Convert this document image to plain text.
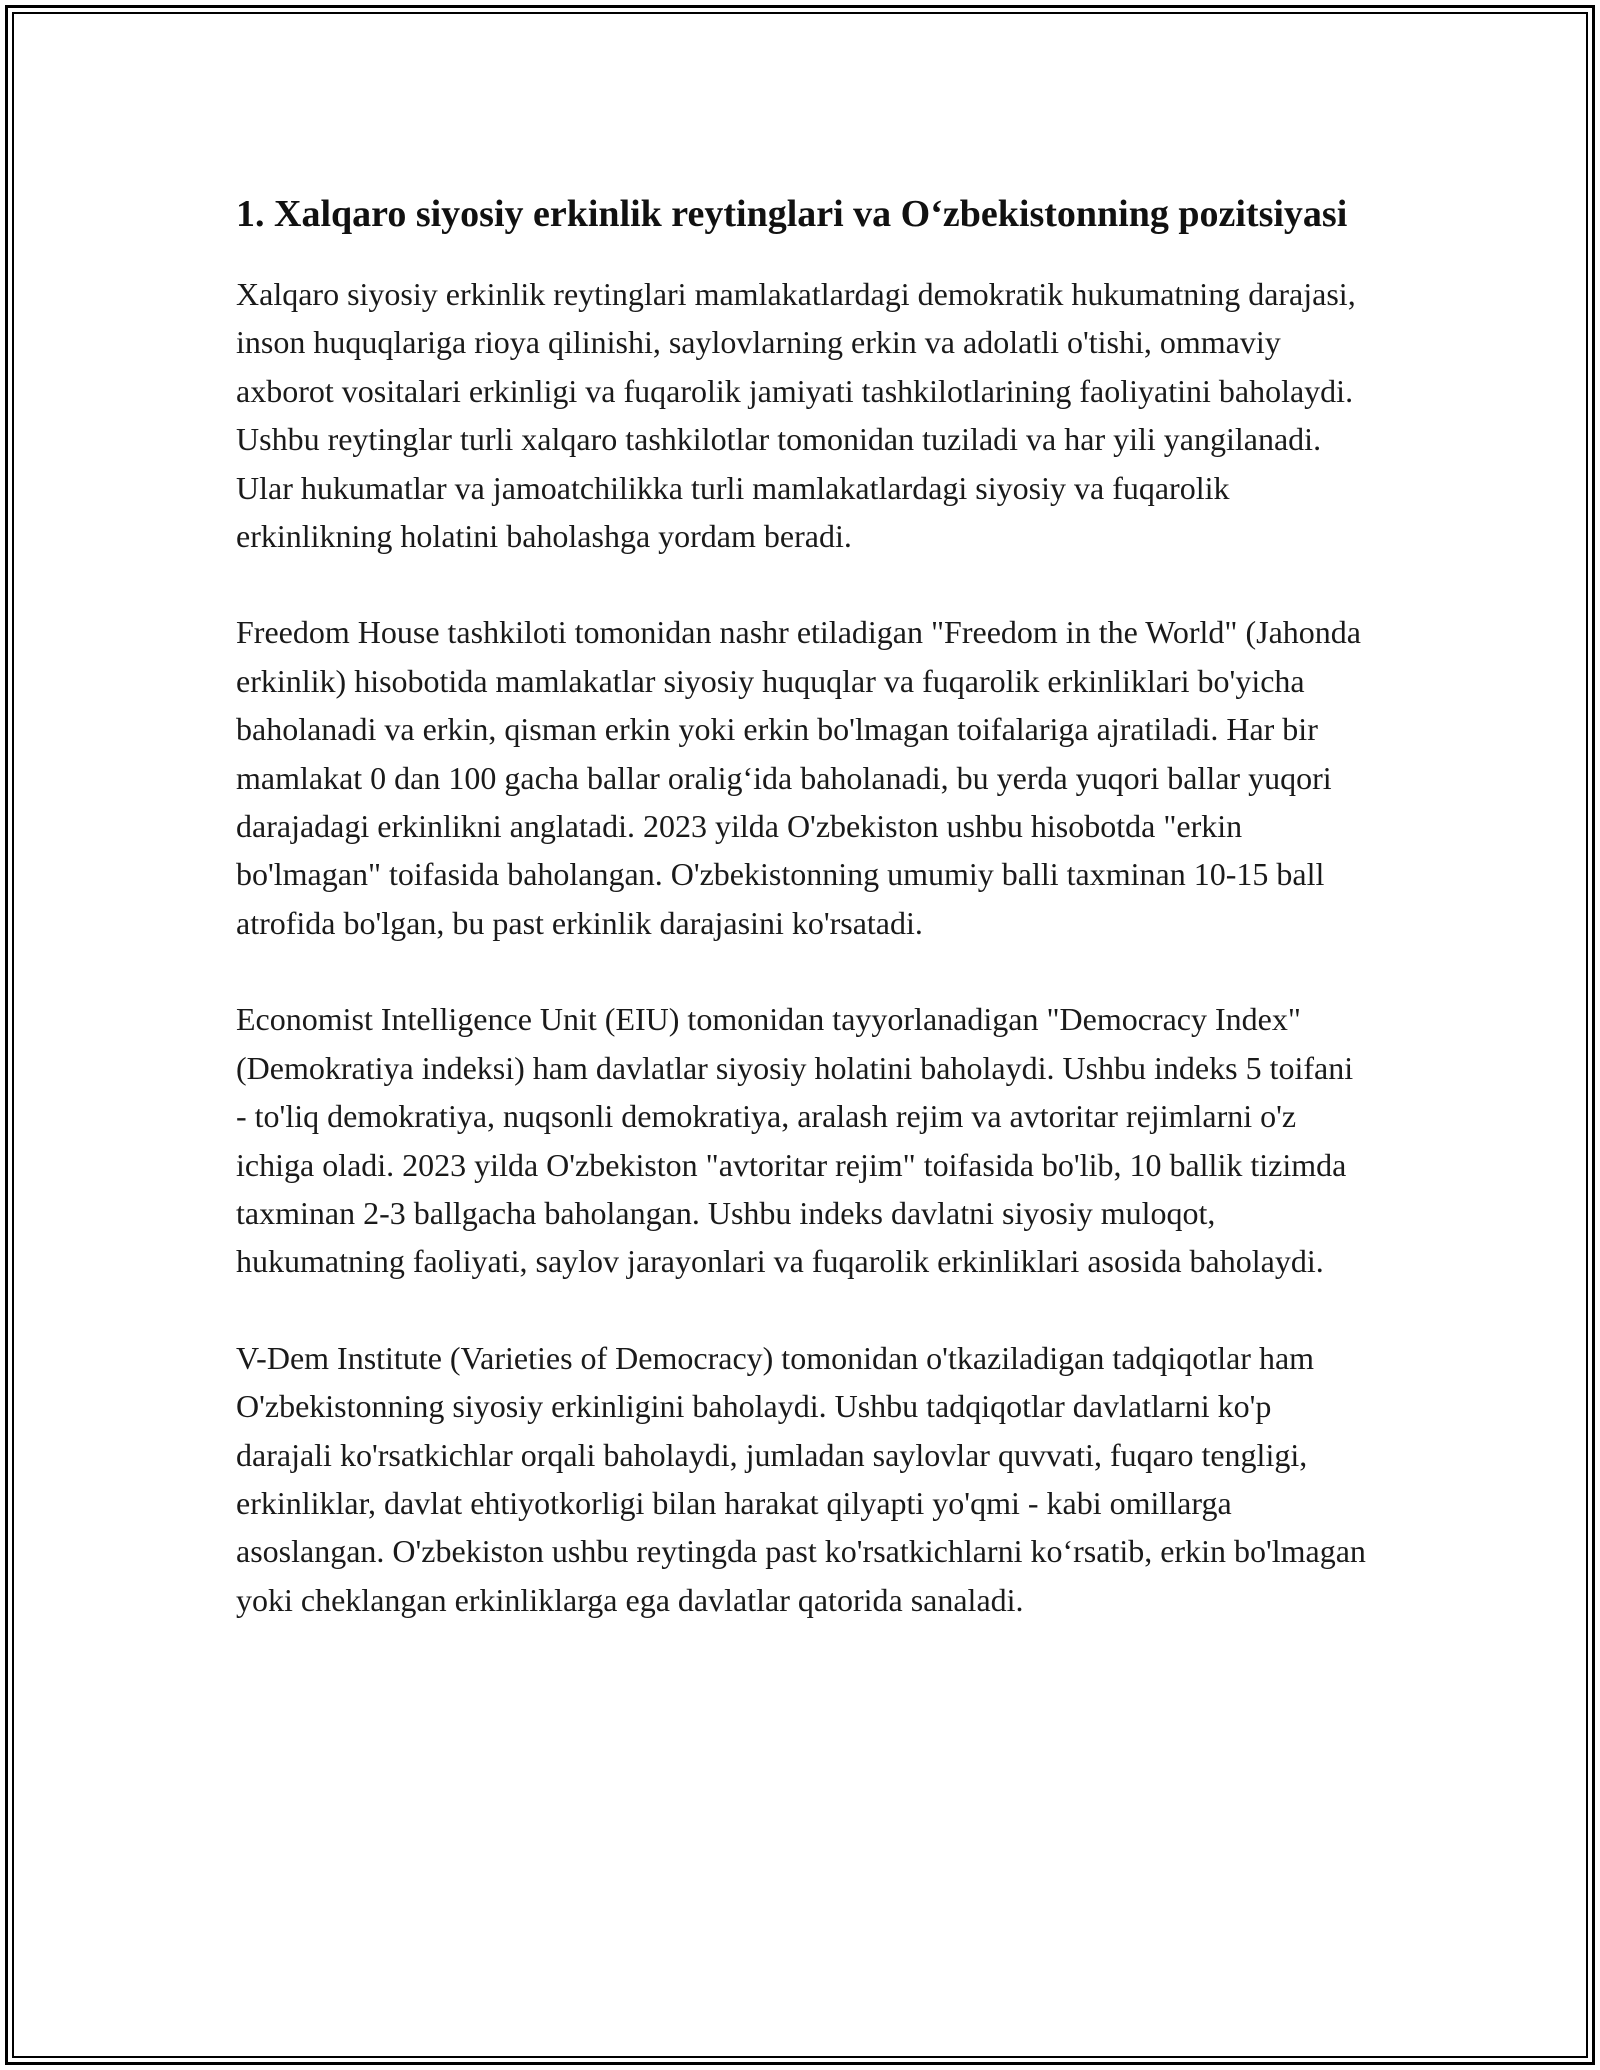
1. Xalqaro siyosiy erkinlik reytinglari va O‘zbekistonning pozitsiyasi

Xalqaro siyosiy erkinlik reytinglari mamlakatlardagi demokratik hukumatning darajasi, inson huquqlariga rioya qilinishi, saylovlarning erkin va adolatli o'tishi, ommaviy axborot vositalari erkinligi va fuqarolik jamiyati tashkilotlarining faoliyatini baholaydi. Ushbu reytinglar turli xalqaro tashkilotlar tomonidan tuziladi va har yili yangilanadi. Ular hukumatlar va jamoatchilikka turli mamlakatlardagi siyosiy va fuqarolik erkinlikning holatini baholashga yordam beradi.

Freedom House tashkiloti tomonidan nashr etiladigan "Freedom in the World" (Jahonda erkinlik) hisobotida mamlakatlar siyosiy huquqlar va fuqarolik erkinliklari bo'yicha baholanadi va erkin, qisman erkin yoki erkin bo'lmagan toifalariga ajratiladi. Har bir mamlakat 0 dan 100 gacha ballar oralig‘ida baholanadi, bu yerda yuqori ballar yuqori darajadagi erkinlikni anglatadi. 2023 yilda O'zbekiston ushbu hisobotda "erkin bo'lmagan" toifasida baholangan. O'zbekistonning umumiy balli taxminan 10-15 ball atrofida bo'lgan, bu past erkinlik darajasini ko'rsatadi.

Economist Intelligence Unit (EIU) tomonidan tayyorlanadigan "Democracy Index" (Demokratiya indeksi) ham davlatlar siyosiy holatini baholaydi. Ushbu indeks 5 toifani - to'liq demokratiya, nuqsonli demokratiya, aralash rejim va avtoritar rejimlarni o'z ichiga oladi. 2023 yilda O'zbekiston "avtoritar rejim" toifasida bo'lib, 10 ballik tizimda taxminan 2-3 ballgacha baholangan. Ushbu indeks davlatni siyosiy muloqot, hukumatning faoliyati, saylov jarayonlari va fuqarolik erkinliklari asosida baholaydi.

V-Dem Institute (Varieties of Democracy) tomonidan o'tkaziladigan tadqiqotlar ham O'zbekistonning siyosiy erkinligini baholaydi. Ushbu tadqiqotlar davlatlarni ko'p darajali ko'rsatkichlar orqali baholaydi, jumladan saylovlar quvvati, fuqaro tengligi, erkinliklar, davlat ehtiyotkorligi bilan harakat qilyapti yo'qmi - kabi omillarga asoslangan. O'zbekiston ushbu reytingda past ko'rsatkichlarni ko‘rsatib, erkin bo'lmagan yoki cheklangan erkinliklarga ega davlatlar qatorida sanaladi.
